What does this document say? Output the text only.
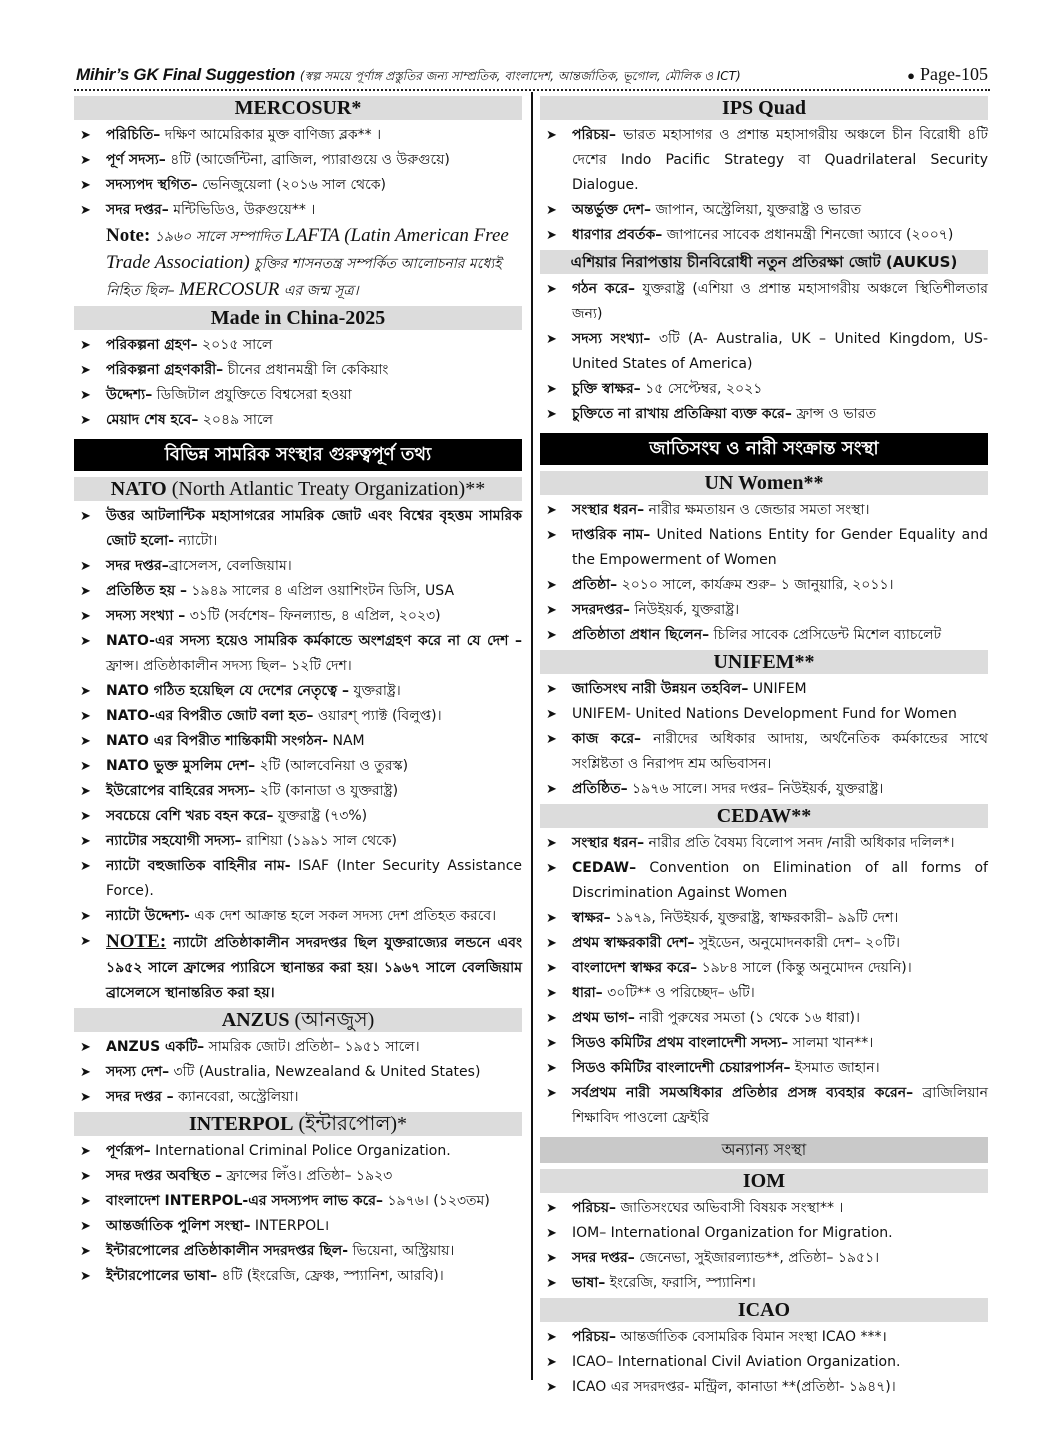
Mihir’s GK Final Suggestion (স্বল্প সময়ে পূর্ণাঙ্গ প্রস্তুতির জন্য সাম্প্রতিক, বাংলাদেশ, আন্তর্জাতিক, ভূগোল, মৌলিক ও ICT)	● Page-105
MERCOSUR*
➤ পরিচিতি– দক্ষিণ আমেরিকার মুক্ত বাণিজ্য ব্লক** ।
➤ পূর্ণ সদস্য– ৪টি (আর্জেন্টিনা, ব্রাজিল, প্যারাগুয়ে ও উরুগুয়ে)
➤ সদস্যপদ স্থগিত– ভেনিজুয়েলা (২০১৬ সাল থেকে)
➤ সদর দপ্তর– মন্টিভিডিও, উরুগুয়ে** ।
Note: ১৯৬০ সালে সম্পাদিত LAFTA (Latin American Free Trade Association) চুক্তির শাসনতন্ত্র সম্পর্কিত আলোচনার মধ্যেই নিহিত ছিল– MERCOSUR এর জন্ম সূত্র।
Made in China-2025
➤ পরিকল্পনা গ্রহণ– ২০১৫ সালে
➤ পরিকল্পনা গ্রহণকারী– চীনের প্রধানমন্ত্রী লি কেকিয়াং
➤ উদ্দেশ্য– ডিজিটাল প্রযুক্তিতে বিশ্বসেরা হওয়া
➤ মেয়াদ শেষ হবে– ২০৪৯ সালে
বিভিন্ন সামরিক সংস্থার গুরুত্বপূর্ণ তথ্য
NATO (North Atlantic Treaty Organization)**
➤ উত্তর আটলান্টিক মহাসাগরের সামরিক জোট এবং বিশ্বের বৃহত্তম সামরিক জোট হলো- ন্যাটো।
➤ সদর দপ্তর–ব্রাসেলস, বেলজিয়াম।
➤ প্রতিষ্ঠিত হয় – ১৯৪৯ সালের ৪ এপ্রিল ওয়াশিংটন ডিসি, USA
➤ সদস্য সংখ্যা – ৩১টি (সর্বশেষ– ফিনল্যান্ড, ৪ এপ্রিল, ২০২৩)
➤ NATO-এর সদস্য হয়েও সামরিক কর্মকান্ডে অংশগ্রহণ করে না যে দেশ – ফ্রান্স। প্রতিষ্ঠাকালীন সদস্য ছিল– ১২টি দেশ।
➤ NATO গঠিত হয়েছিল যে দেশের নেতৃত্বে – যুক্তরাষ্ট্র।
➤ NATO-এর বিপরীত জোট বলা হত– ওয়ারশ্ প্যাক্ট (বিলুপ্ত)।
➤ NATO এর বিপরীত শান্তিকামী সংগঠন- NAM
➤ NATO ভুক্ত মুসলিম দেশ– ২টি (আলবেনিয়া ও তুরস্ক)
➤ ইউরোপের বাহিরের সদস্য– ২টি (কানাডা ও যুক্তরাষ্ট্র)
➤ সবচেয়ে বেশি খরচ বহন করে– যুক্তরাষ্ট্র (৭৩%)
➤ ন্যাটোর সহযোগী সদস্য– রাশিয়া (১৯৯১ সাল থেকে)
➤ ন্যাটো বহুজাতিক বাহিনীর নাম- ISAF (Inter Security Assistance Force).
➤ ন্যাটো উদ্দেশ্য- এক দেশ আক্রান্ত হলে সকল সদস্য দেশ প্রতিহত করবে।
➤ NOTE: ন্যাটো প্রতিষ্ঠাকালীন সদরদপ্তর ছিল যুক্তরাজ্যের লন্ডনে এবং ১৯৫২ সালে ফ্রান্সের প্যারিসে স্থানান্তর করা হয়। ১৯৬৭ সালে বেলজিয়াম ব্রাসেলসে স্থানান্তরিত করা হয়।
ANZUS (আনজুস)
➤ ANZUS একটি– সামরিক জোট। প্রতিষ্ঠা– ১৯৫১ সালে।
➤ সদস্য দেশ– ৩টি (Australia, Newzealand & United States)
➤ সদর দপ্তর – ক্যানবেরা, অস্ট্রেলিয়া।
INTERPOL (ইন্টারপোল)*
➤ পূর্ণরূপ– International Criminal Police Organization.
➤ সদর দপ্তর অবস্থিত – ফ্রান্সের লিঁও। প্রতিষ্ঠা– ১৯২৩
➤ বাংলাদেশ INTERPOL-এর সদস্যপদ লাভ করে– ১৯৭৬। (১২৩তম)
➤ আন্তর্জাতিক পুলিশ সংস্থা– INTERPOL।
➤ ইন্টারপোলের প্রতিষ্ঠাকালীন সদরদপ্তর ছিল- ভিয়েনা, অস্ট্রিয়ায়।
➤ ইন্টারপোলের ভাষা– ৪টি (ইংরেজি, ফ্রেঞ্চ, স্প্যানিশ, আরবি)।
IPS Quad
➤ পরিচয়– ভারত মহাসাগর ও প্রশান্ত মহাসাগরীয় অঞ্চলে চীন বিরোধী ৪টি দেশের Indo Pacific Strategy বা Quadrilateral Security Dialogue.
➤ অন্তর্ভুক্ত দেশ– জাপান, অস্ট্রেলিয়া, যুক্তরাষ্ট্র ও ভারত
➤ ধারণার প্রবর্তক– জাপানের সাবেক প্রধানমন্ত্রী শিনজো অ্যাবে (২০০৭)
এশিয়ার নিরাপত্তায় চীনবিরোধী নতুন প্রতিরক্ষা জোট (AUKUS)
➤ গঠন করে– যুক্তরাষ্ট্র (এশিয়া ও প্রশান্ত মহাসাগরীয় অঞ্চলে স্থিতিশীলতার জন্য)
➤ সদস্য সংখ্যা– ৩টি (A- Australia, UK – United Kingdom, US- United States of America)
➤ চুক্তি স্বাক্ষর– ১৫ সেপ্টেম্বর, ২০২১
➤ চুক্তিতে না রাখায় প্রতিক্রিয়া ব্যক্ত করে– ফ্রান্স ও ভারত
জাতিসংঘ ও নারী সংক্রান্ত সংস্থা
UN Women**
➤ সংস্থার ধরন– নারীর ক্ষমতায়ন ও জেন্ডার সমতা সংস্থা।
➤ দাপ্তরিক নাম– United Nations Entity for Gender Equality and the Empowerment of Women
➤ প্রতিষ্ঠা– ২০১০ সালে, কার্যক্রম শুরু– ১ জানুয়ারি, ২০১১।
➤ সদরদপ্তর– নিউইয়র্ক, যুক্তরাষ্ট্র।
➤ প্রতিষ্ঠাতা প্রধান ছিলেন– চিলির সাবেক প্রেসিডেন্ট মিশেল ব্যাচলেট
UNIFEM**
➤ জাতিসংঘ নারী উন্নয়ন তহবিল– UNIFEM
➤ UNIFEM- United Nations Development Fund for Women
➤ কাজ করে– নারীদের অধিকার আদায়, অর্থনৈতিক কর্মকান্ডের সাথে সংশ্লিষ্টতা ও নিরাপদ শ্রম অভিবাসন।
➤ প্রতিষ্ঠিত– ১৯৭৬ সালে। সদর দপ্তর– নিউইয়র্ক, যুক্তরাষ্ট্র।
CEDAW**
➤ সংস্থার ধরন– নারীর প্রতি বৈষম্য বিলোপ সনদ /নারী অধিকার দলিল*।
➤ CEDAW– Convention on Elimination of all forms of Discrimination Against Women
➤ স্বাক্ষর– ১৯৭৯, নিউইয়র্ক, যুক্তরাষ্ট্র, স্বাক্ষরকারী– ৯৯টি দেশ।
➤ প্রথম স্বাক্ষরকারী দেশ– সুইডেন, অনুমোদনকারী দেশ– ২০টি।
➤ বাংলাদেশ স্বাক্ষর করে– ১৯৮৪ সালে (কিন্তু অনুমোদন দেয়নি)।
➤ ধারা– ৩০টি** ও পরিচ্ছেদ– ৬টি।
➤ প্রথম ভাগ– নারী পুরুষের সমতা (১ থেকে ১৬ ধারা)।
➤ সিডও কমিটির প্রথম বাংলাদেশী সদস্য– সালমা খান**।
➤ সিডও কমিটির বাংলাদেশী চেয়ারপার্সন– ইসমাত জাহান।
➤ সর্বপ্রথম নারী সমঅধিকার প্রতিষ্ঠার প্রসঙ্গ ব্যবহার করেন– ব্রাজিলিয়ান শিক্ষাবিদ পাওলো ফ্রেইরি
অন্যান্য সংস্থা
IOM
➤ পরিচয়– জাতিসংঘের অভিবাসী বিষয়ক সংস্থা** ।
➤ IOM– International Organization for Migration.
➤ সদর দপ্তর– জেনেভা, সুইজারল্যান্ড**, প্রতিষ্ঠা– ১৯৫১।
➤ ভাষা– ইংরেজি, ফরাসি, স্প্যানিশ।
ICAO
➤ পরিচয়– আন্তর্জাতিক বেসামরিক বিমান সংস্থা ICAO ***।
➤ ICAO– International Civil Aviation Organization.
➤ ICAO এর সদরদপ্তর- মন্ট্রিল, কানাডা **(প্রতিষ্ঠা- ১৯৪৭)।
